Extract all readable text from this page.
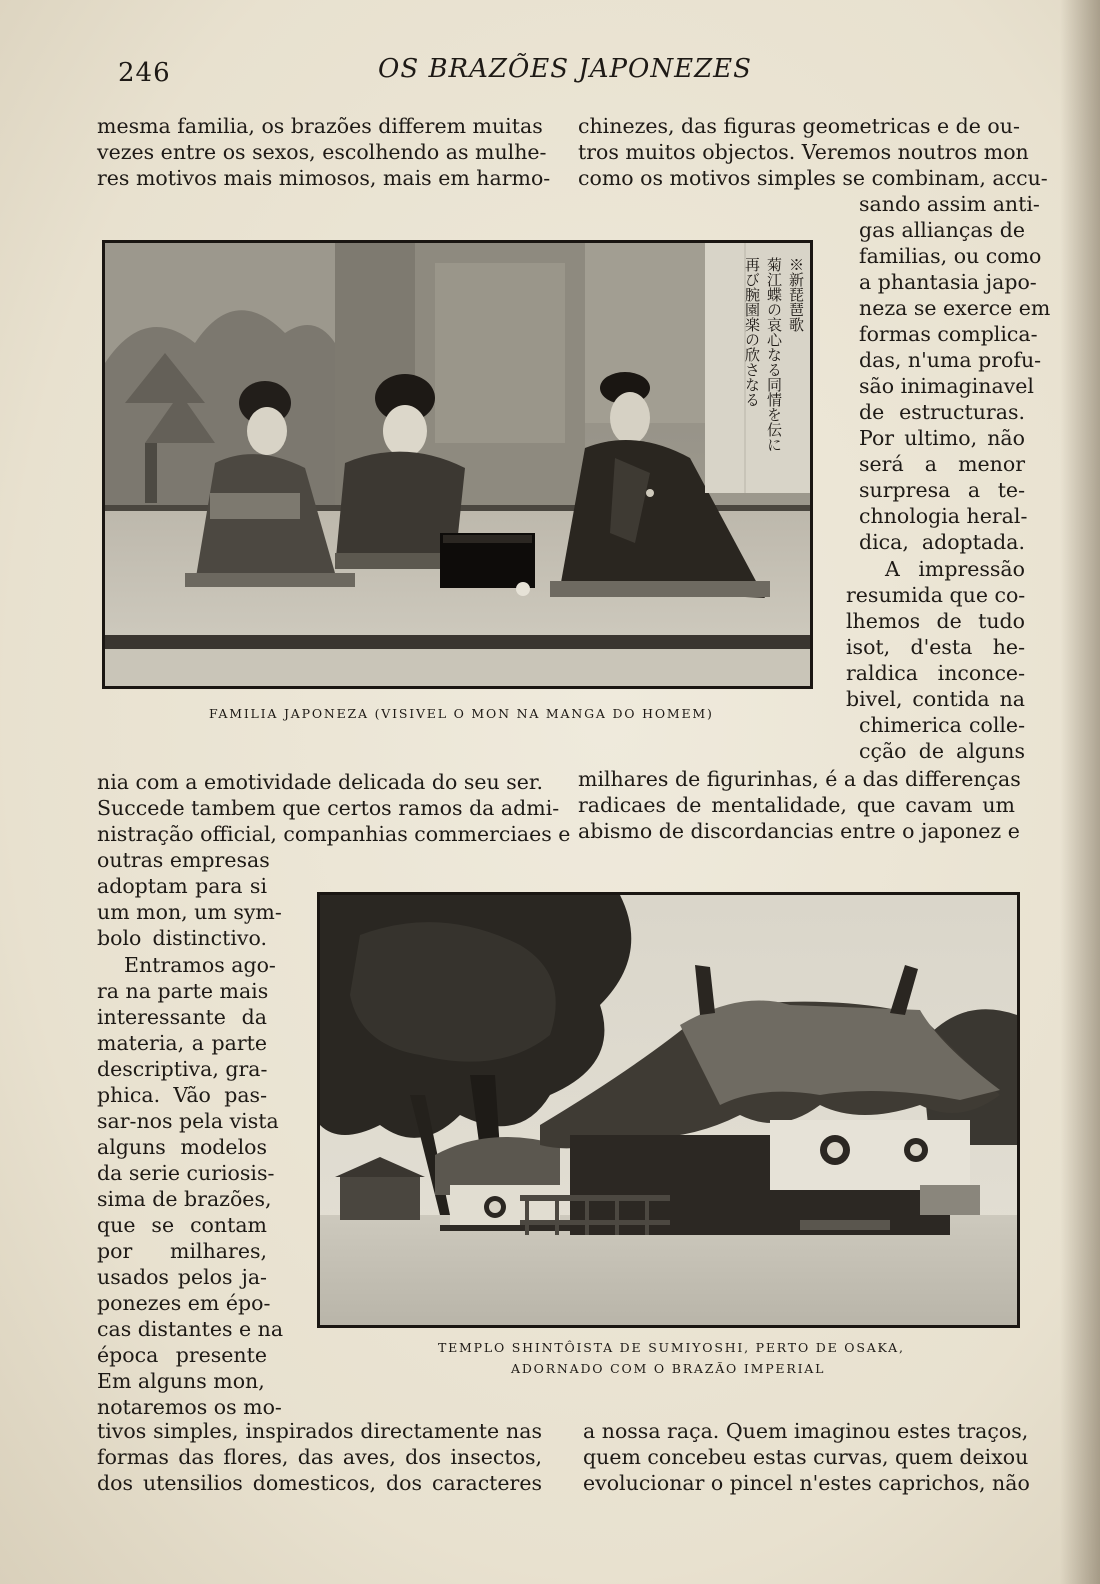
246	OS BRAZÕES JAPONEZES
mesma familia, os brazões differem muitas
vezes entre os sexos, escolhendo as mulhe-
res motivos mais mimosos, mais em harmo-
chinezes, das figuras geometricas e de ou-
tros muitos objectos. Veremos noutros mon
como os motivos simples se combinam, accu-
sando assim anti-
gas allianças de
familias, ou como
a phantasia japo-
neza se exerce em
formas complica-
das, n'uma profu-
são inimaginavel
de estructuras.
Por ultimo, não
será a menor
surpresa a te-
chnologia heral-
dica, adoptada.
A impressão
resumida que co-
lhemos de tudo
isot, d'esta he-
raldica inconce-
bivel, contida na
chimerica colle-
cção de alguns
※新琵琶歌
菊江蝶の哀心なる同情を伝に
再び腕園楽の欣さなる
FAMILIA JAPONEZA (VISIVEL O MON NA MANGA DO HOMEM)
nia com a emotividade delicada do seu ser.
Succede tambem que certos ramos da admi-
nistração official, companhias commerciaes e
milhares de figurinhas, é a das differenças
radicaes de mentalidade, que cavam um
abismo de discordancias entre o japonez e
outras empresas
adoptam para si
um mon, um sym-
bolo distinctivo.
Entramos ago-
ra na parte mais
interessante da
materia, a parte
descriptiva, gra-
phica. Vão pas-
sar-nos pela vista
alguns modelos
da serie curiosis-
sima de brazões,
que se contam
por milhares,
usados pelos ja-
ponezes em épo-
cas distantes e na
época presente
Em alguns mon,
notaremos os mo-
TEMPLO SHINTÔISTA DE SUMIYOSHI, PERTO DE OSAKA,
ADORNADO COM O BRAZÃO IMPERIAL
tivos simples, inspirados directamente nas
formas das flores, das aves, dos insectos,
dos utensilios domesticos, dos caracteres
a nossa raça. Quem imaginou estes traços,
quem concebeu estas curvas, quem deixou
evolucionar o pincel n'estes caprichos, não
